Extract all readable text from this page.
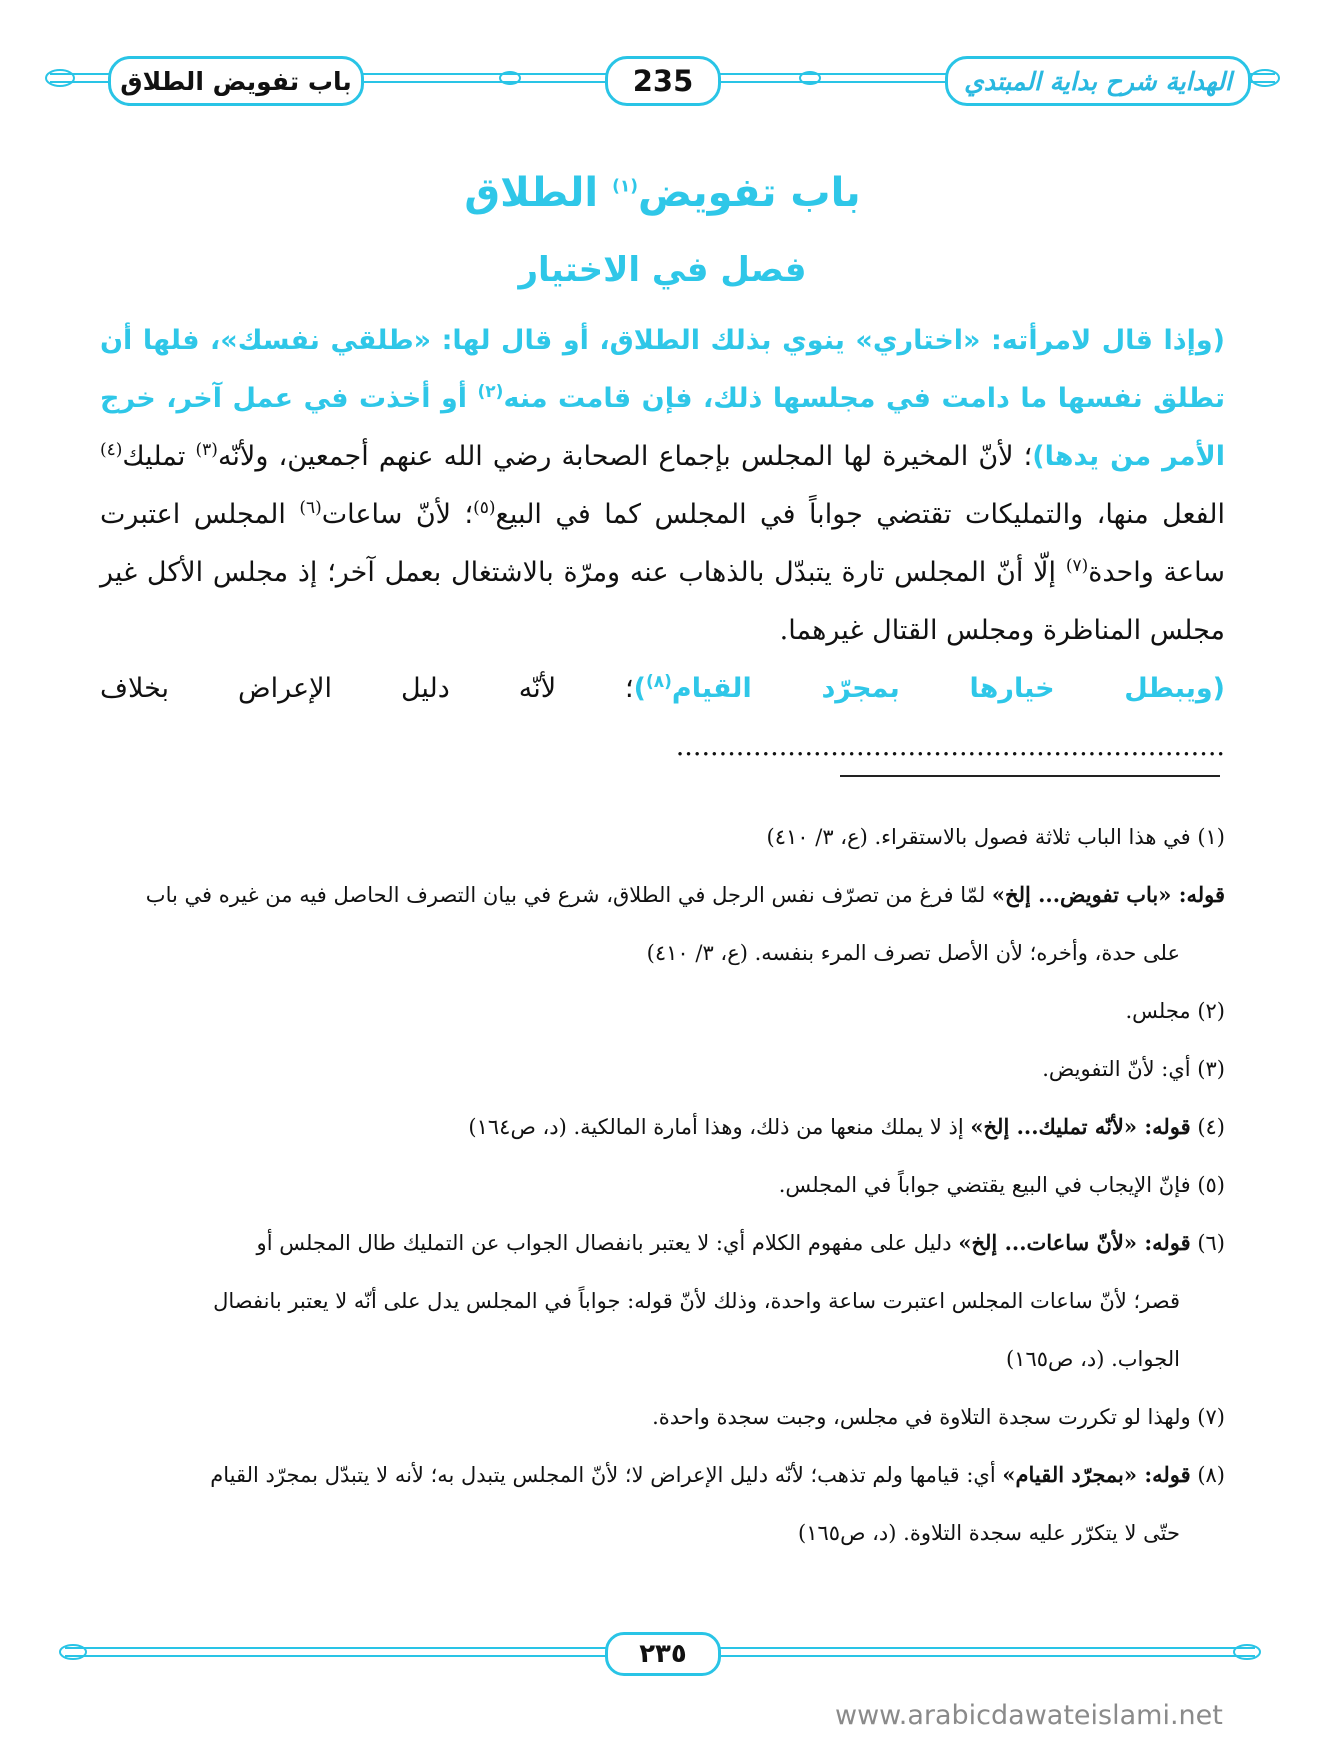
باب تفويض الطلاق	235	الهداية شرح بداية المبتدي
باب تفويض$^{(١)}$ الطلاق
فصل في الاختيار
(وإذا قال لامرأته: «اختاري» ينوي بذلك الطلاق، أو قال لها: «طلقي نفسك»، فلها أن تطلق نفسها ما دامت في مجلسها ذلك، فإن قامت منه$^{(٢)}$ أو أخذت في عمل آخر، خرج الأمر من يدها)؛ لأنّ المخيرة لها المجلس بإجماع الصحابة رضي الله عنهم أجمعين، ولأنّه$^{(٣)}$ تمليك$^{(٤)}$ الفعل منها، والتمليكات تقتضي جواباً في المجلس كما في البيع$^{(٥)}$؛ لأنّ ساعات$^{(٦)}$ المجلس اعتبرت ساعة واحدة$^{(٧)}$ إلّا أنّ المجلس تارة يتبدّل بالذهاب عنه ومرّة بالاشتغال بعمل آخر؛ إذ مجلس الأكل غير مجلس المناظرة ومجلس القتال غيرهما.
(ويبطل خيارها بمجرّد القيام$^{(٨)}$)؛ لأنّه دليل الإعراض بخلاف ................................................................

(١) في هذا الباب ثلاثة فصول بالاستقراء. (ع، ٣/ ٤١٠)

قوله: «باب تفويض... إلخ» لمّا فرغ من تصرّف نفس الرجل في الطلاق، شرع في بيان التصرف الحاصل فيه من غيره في باب

على حدة، وأخره؛ لأن الأصل تصرف المرء بنفسه. (ع، ٣/ ٤١٠)

(٢) مجلس.

(٣) أي: لأنّ التفويض.

(٤) قوله: «لأنّه تمليك... إلخ» إذ لا يملك منعها من ذلك، وهذا أمارة المالكية. (د، ص١٦٤)

(٥) فإنّ الإيجاب في البيع يقتضي جواباً في المجلس.

(٦) قوله: «لأنّ ساعات... إلخ» دليل على مفهوم الكلام أي: لا يعتبر بانفصال الجواب عن التمليك طال المجلس أو

قصر؛ لأنّ ساعات المجلس اعتبرت ساعة واحدة، وذلك لأنّ قوله: جواباً في المجلس يدل على أنّه لا يعتبر بانفصال

الجواب. (د، ص١٦٥)

(٧) ولهذا لو تكررت سجدة التلاوة في مجلس، وجبت سجدة واحدة.

(٨) قوله: «بمجرّد القيام» أي: قيامها ولم تذهب؛ لأنّه دليل الإعراض لا؛ لأنّ المجلس يتبدل به؛ لأنه لا يتبدّل بمجرّد القيام

حتّى لا يتكرّر عليه سجدة التلاوة. (د، ص١٦٥)

٢٣٥
www.arabicdawateislami.net
